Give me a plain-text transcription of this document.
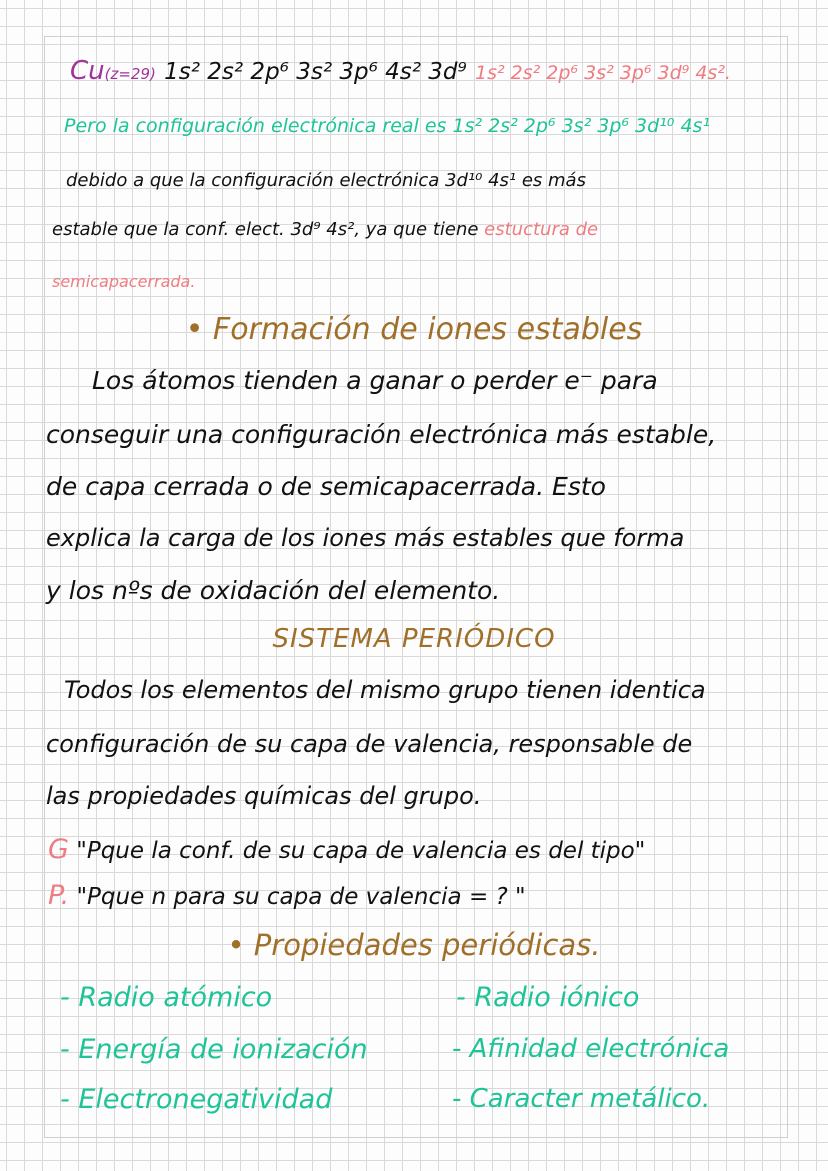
Cu(z=29) 1s² 2s² 2p⁶ 3s² 3p⁶ 4s² 3d⁹ 1s² 2s² 2p⁶ 3s² 3p⁶ 3d⁹ 4s².
Pero la configuración electrónica real es 1s² 2s² 2p⁶ 3s² 3p⁶ 3d¹⁰ 4s¹
debido a que la configuración electrónica 3d¹⁰ 4s¹ es más
estable que la conf. elect. 3d⁹ 4s², ya que tiene estuctura de
semicapacerrada.
• Formación de iones estables
Los átomos tienden a ganar o perder e⁻ para
conseguir una configuración electrónica más estable,
de capa cerrada o de semicapacerrada. Esto
explica la carga de los iones más estables que forma
y los nºs de oxidación del elemento.
SISTEMA PERIÓDICO
Todos los elementos del mismo grupo tienen identica
configuración de su capa de valencia, responsable de
las propiedades químicas del grupo.
G "Pque la conf. de su capa de valencia es del tipo"
P. "Pque n para su capa de valencia = ? "
• Propiedades periódicas.
- Radio atómico
- Energía de ionización
- Electronegatividad
- Radio iónico
- Afinidad electrónica
- Caracter metálico.
